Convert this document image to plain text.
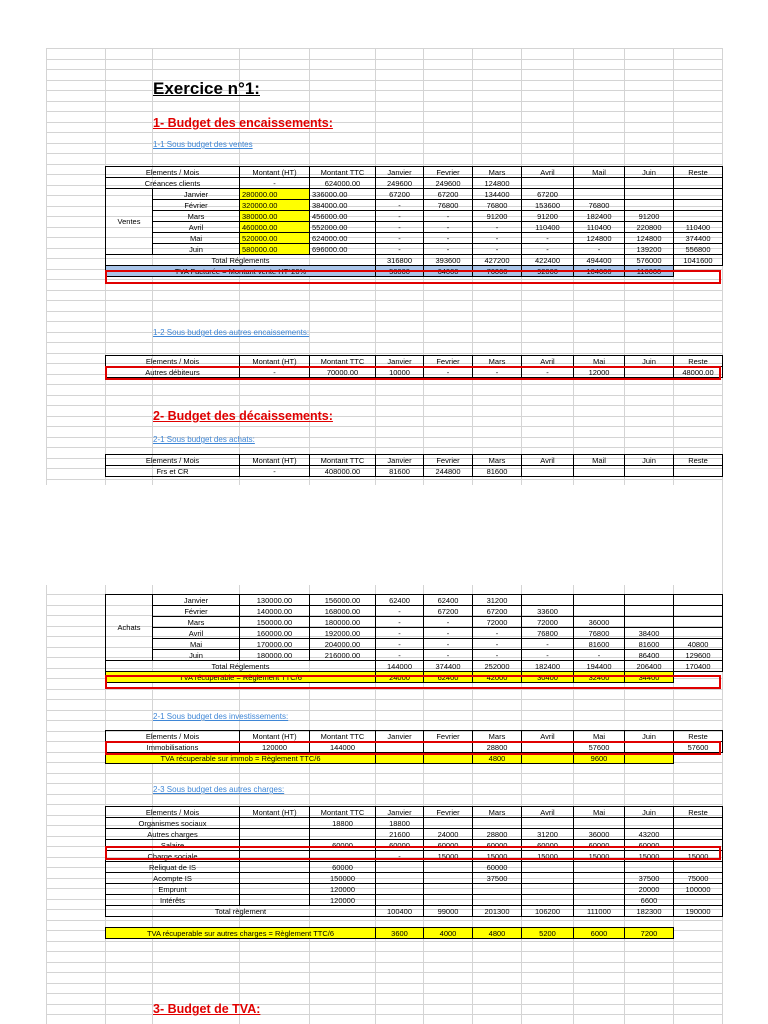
Exercice n°1:
1- Budget des encaissements:
1-1 Sous budget des ventes
Elements / Mois		Montant (HT)	Montant TTC	Janvier	Fevrier	Mars	Avril	Mail	Juin	Reste
Créances clients		-	624000.00	249600	249600	124800				
Ventes	Janvier	280000.00	336000.00	67200	67200	134400	67200			
	Février	320000.00	384000.00	-	76800	76800	153600	76800		
	Mars	380000.00	456000.00	-	-	91200	91200	182400	91200	
	Avril	460000.00	552000.00	-	-	-	110400	110400	220800	110400
	Mai	520000.00	624000.00	-	-	-	-	124800	124800	374400
	Juin	580000.00	696000.00	-	-	-	-	-	139200	556800
Total Réglements				316800	393600	427200	422400	494400	576000	1041600
TVA Facturée = Montant vente HT*20%				56000	64000	76000	92000	104000	116000	
1-2 Sous budget des autres encaissements:
Elements / Mois	Montant (HT)	Montant TTC	Janvier	Fevrier	Mars	Avril	Mai	Juin	Reste
Autres débiteurs	-	70000.00	10000	-	-	-	12000		48000.00
2- Budget des décaissements:
2-1 Sous budget des achats:
Elements / Mois	Montant (HT)	Montant TTC	Janvier	Fevrier	Mars	Avril	Mail	Juin	Reste
Frs et CR	-	408000.00	81600	244800	81600				
Achats	Janvier	130000.00	156000.00	62400	62400	31200				
	Février	140000.00	168000.00	-	67200	67200	33600			
	Mars	150000.00	180000.00	-	-	72000	72000	36000		
	Avril	160000.00	192000.00	-	-	-	76800	76800	38400	
	Mai	170000.00	204000.00	-	-	-	-	81600	81600	40800
	Juin	180000.00	216000.00	-	-	-	-	-	86400	129600
Total Réglements				144000	374400	252000	182400	194400	206400	170400
TVA récuperable = Règlement TTC/6				24000	62400	42000	30400	32400	34400	
2-1 Sous budget des investissements:
Elements / Mois	Montant (HT)	Montant TTC	Janvier	Fevrier	Mars	Avril	Mai	Juin	Reste
Immobilisations	120000	144000			28800		57600		57600
TVA récuperable sur immob = Règlement TTC/6					4800		9600		
2-3 Sous budget des autres charges:
Elements / Mois	Montant (HT)	Montant TTC	Janvier	Fevrier	Mars	Avril	Mai	Juin	Reste
Organismes sociaux		18800	18800						
Autres charges			21600	24000	28800	31200	36000	43200	
Salaire		60000	60000	60000	60000	60000	60000	60000	
Charge sociale			-	15000	15000	15000	15000	15000	15000
Reliquat de IS		60000			60000				
Acompte IS		150000			37500			37500	75000
Emprunt		120000						20000	100000
Intérêts		120000						6600	
Total règlement			100400	99000	201300	106200	111000	182300	190000

TVA récuperable sur autres charges = Règlement TTC/6			3600	4000	4800	5200	6000	7200	
3- Budget de TVA:
